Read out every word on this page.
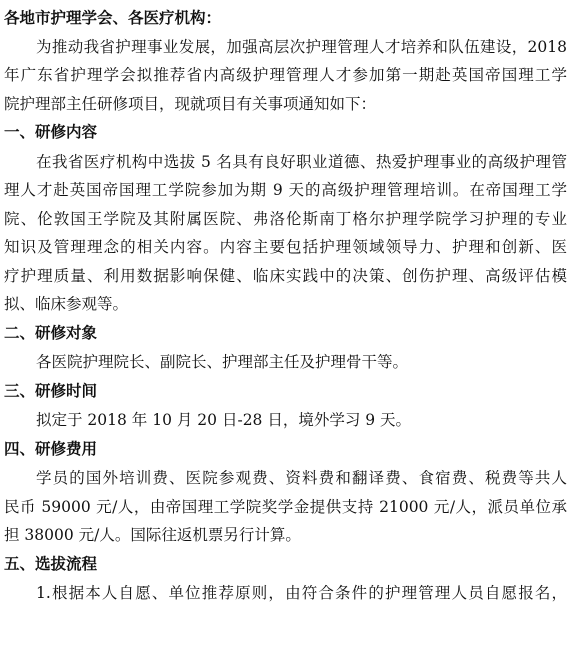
各地市护理学会、各医疗机构：
为推动我省护理事业发展，加强高层次护理管理人才培养和队伍建设，2018
年广东省护理学会拟推荐省内高级护理管理人才参加第一期赴英国帝国理工学
院护理部主任研修项目，现就项目有关事项通知如下：
一、研修内容
在我省医疗机构中选拔 5 名具有良好职业道德、热爱护理事业的高级护理管
理人才赴英国帝国理工学院参加为期 9 天的高级护理管理培训。在帝国理工学
院、伦敦国王学院及其附属医院、弗洛伦斯南丁格尔护理学院学习护理的专业
知识及管理理念的相关内容。内容主要包括护理领域领导力、护理和创新、医
疗护理质量、利用数据影响保健、临床实践中的决策、创伤护理、高级评估模
拟、临床参观等。
二、研修对象
各医院护理院长、副院长、护理部主任及护理骨干等。
三、研修时间
拟定于 2018 年 10 月 20 日-28 日，境外学习 9 天。
四、研修费用
学员的国外培训费、医院参观费、资料费和翻译费、食宿费、税费等共人
民币 59000 元/人，由帝国理工学院奖学金提供支持 21000 元/人，派员单位承
担 38000 元/人。国际往返机票另行计算。
五、选拔流程
1.根据本人自愿、单位推荐原则，由符合条件的护理管理人员自愿报名，
